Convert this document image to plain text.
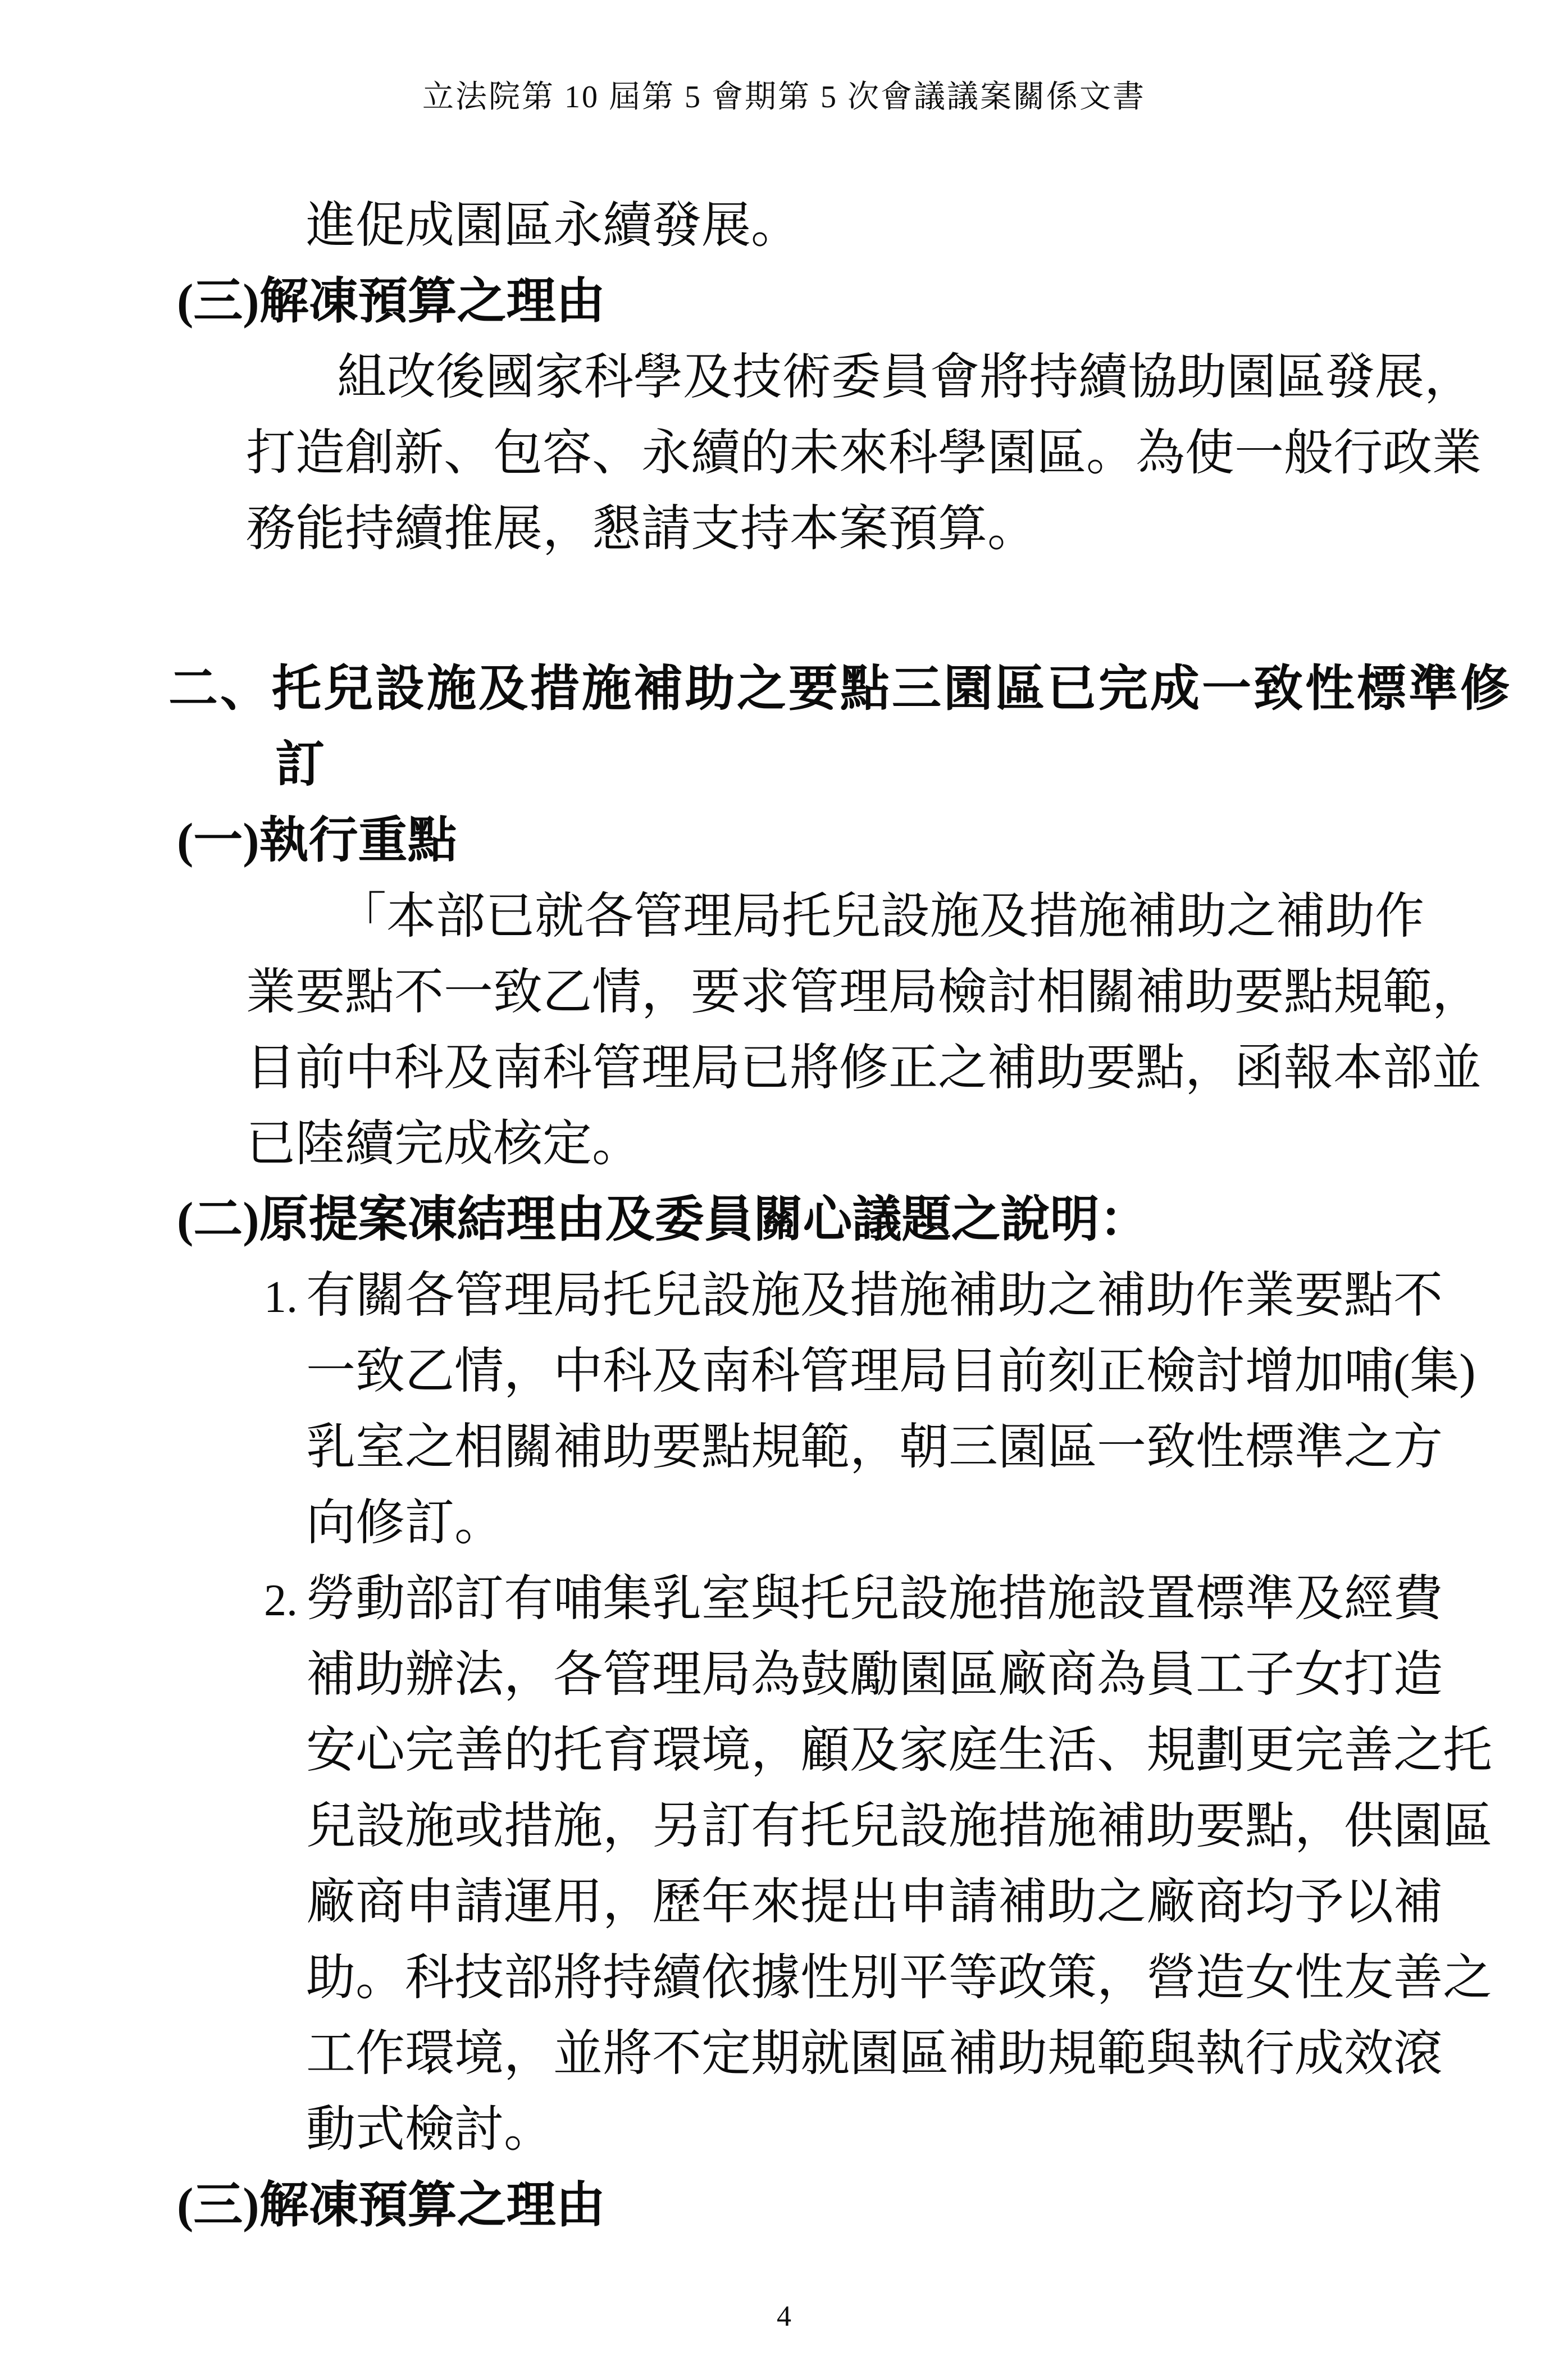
立法院第 10 屆第 5 會期第 5 次會議議案關係文書
進促成園區永續發展。
(三)解凍預算之理由
組改後國家科學及技術委員會將持續協助園區發展，
打造創新、包容、永續的未來科學園區。為使一般行政業
務能持續推展，懇請支持本案預算。
二、托兒設施及措施補助之要點三園區已完成一致性標準修
訂
(一)執行重點
「本部已就各管理局托兒設施及措施補助之補助作
業要點不一致乙情，要求管理局檢討相關補助要點規範，
目前中科及南科管理局已將修正之補助要點，函報本部並
已陸續完成核定。
(二)原提案凍結理由及委員關心議題之說明：
1. 有關各管理局托兒設施及措施補助之補助作業要點不
一致乙情，中科及南科管理局目前刻正檢討增加哺(集)
乳室之相關補助要點規範，朝三園區一致性標準之方
向修訂。
2. 勞動部訂有哺集乳室與托兒設施措施設置標準及經費
補助辦法，各管理局為鼓勵園區廠商為員工子女打造
安心完善的托育環境，顧及家庭生活、規劃更完善之托
兒設施或措施，另訂有托兒設施措施補助要點，供園區
廠商申請運用，歷年來提出申請補助之廠商均予以補
助。科技部將持續依據性別平等政策，營造女性友善之
工作環境，並將不定期就園區補助規範與執行成效滾
動式檢討。
(三)解凍預算之理由
4
